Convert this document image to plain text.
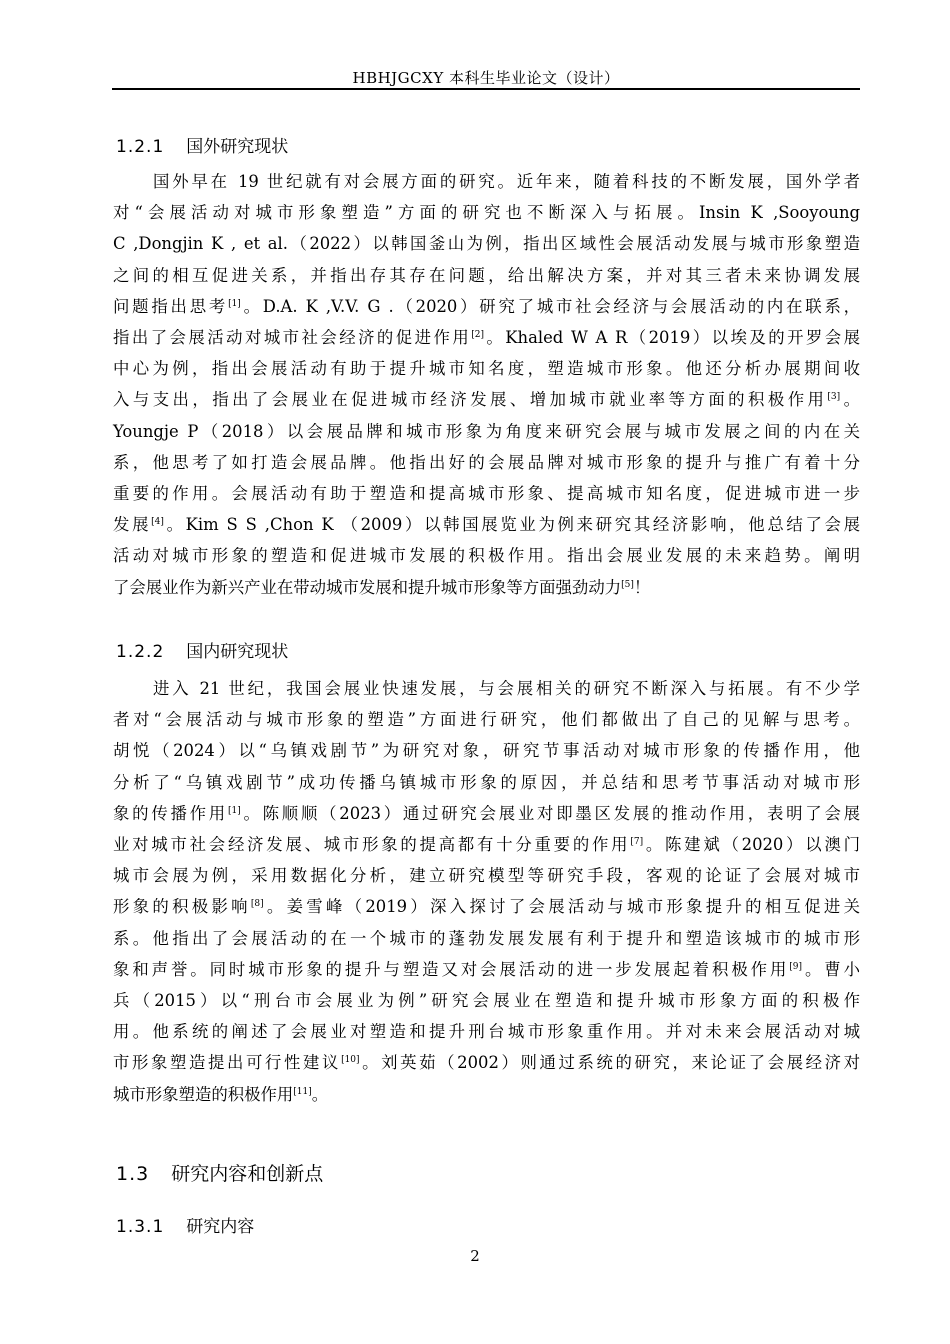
HBHJGCXY 本科生毕业论文（设计）
1.2.1 国外研究现状
国外早在 19 世纪就有对会展方面的研究。近年来，随着科技的不断发展，国外学者
对“会展活动对城市形象塑造”方面的研究也不断深入与拓展。Insin K ,Sooyoung
C ,Dongjin K , et al.（2022）以韩国釜山为例，指出区域性会展活动发展与城市形象塑造
之间的相互促进关系，并指出存其存在问题，给出解决方案，并对其三者未来协调发展
问题指出思考[1]。D.A. K ,V.V. G .（2020）研究了城市社会经济与会展活动的内在联系，
指出了会展活动对城市社会经济的促进作用[2]。Khaled W A R（2019）以埃及的开罗会展
中心为例，指出会展活动有助于提升城市知名度，塑造城市形象。他还分析办展期间收
入与支出，指出了会展业在促进城市经济发展、增加城市就业率等方面的积极作用[3]。
Youngje P（2018）以会展品牌和城市形象为角度来研究会展与城市发展之间的内在关
系，他思考了如打造会展品牌。他指出好的会展品牌对城市形象的提升与推广有着十分
重要的作用。会展活动有助于塑造和提高城市形象、提高城市知名度，促进城市进一步
发展[4]。Kim S S ,Chon K （2009）以韩国展览业为例来研究其经济影响，他总结了会展
活动对城市形象的塑造和促进城市发展的积极作用。指出会展业发展的未来趋势。阐明
了会展业作为新兴产业在带动城市发展和提升城市形象等方面强劲动力[5]！
1.2.2 国内研究现状
进入 21 世纪，我国会展业快速发展，与会展相关的研究不断深入与拓展。有不少学
者对“会展活动与城市形象的塑造”方面进行研究，他们都做出了自己的见解与思考。
胡悦（2024）以“乌镇戏剧节”为研究对象，研究节事活动对城市形象的传播作用，他
分析了“乌镇戏剧节”成功传播乌镇城市形象的原因，并总结和思考节事活动对城市形
象的传播作用[1]。陈顺顺（2023）通过研究会展业对即墨区发展的推动作用，表明了会展
业对城市社会经济发展、城市形象的提高都有十分重要的作用[7]。陈建斌（2020）以澳门
城市会展为例，采用数据化分析，建立研究模型等研究手段，客观的论证了会展对城市
形象的积极影响[8]。姜雪峰（2019）深入探讨了会展活动与城市形象提升的相互促进关
系。他指出了会展活动的在一个城市的蓬勃发展发展有利于提升和塑造该城市的城市形
象和声誉。同时城市形象的提升与塑造又对会展活动的进一步发展起着积极作用[9]。曹小
兵（2015）以“刑台市会展业为例”研究会展业在塑造和提升城市形象方面的积极作
用。他系统的阐述了会展业对塑造和提升刑台城市形象重作用。并对未来会展活动对城
市形象塑造提出可行性建议[10]。刘英茹（2002）则通过系统的研究，来论证了会展经济对
城市形象塑造的积极作用[11]。
1.3 研究内容和创新点
1.3.1 研究内容
2
